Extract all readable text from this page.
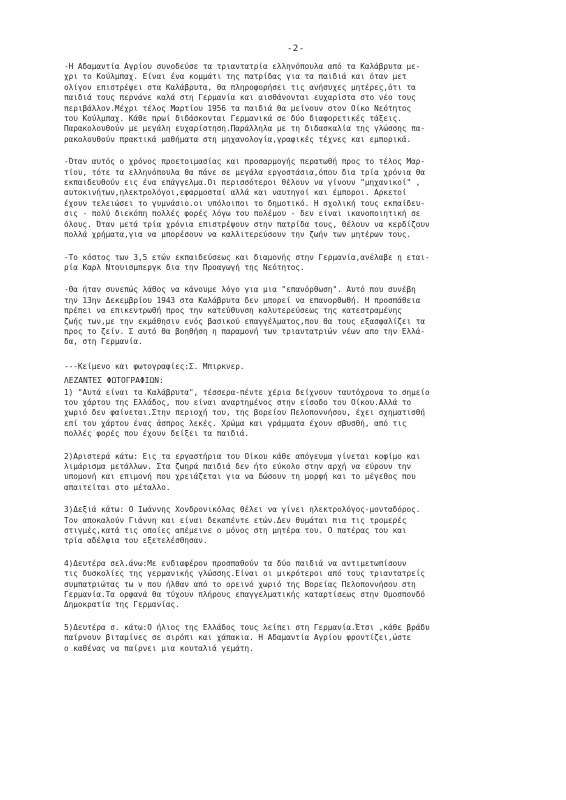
-2-
-Η Αδαμαντία Αγρίου συνοδεύσε τα τριαντατρία ελληνόπουλα από τα Καλάβρυτα με-
χρι το Κούλμπαχ. Είναι ένα κομμάτι της πατρίδας για τα παιδιά και όταν μετ
ολίγον επιστρέψει στα Καλάβρυτα, θα πληροφορήσει τις ανήσυχες μητέρες,ότι τα
παιδιά τους περνάνε καλά στη Γερμανία και αισθάνονται ευχαρίστα στο νέο τους
περιβάλλον.Μέχρι τέλος Μαρτίου 1956 τα παιδιά θα μείνουν στον Οίκο Νεότητος
του Κούλμπαχ. Κάθε πρωί διδάσκονται Γερμανικά σε δύο διαφορετικές τάξεις.
Παρακολουθούν με μεγάλη ευχαρίστηση.Παράλληλα με τη διδασκαλία της γλώσσης πα-
ρακολουθούν πρακτικά μαθήματα στη μηχανολογία,γραφικές τέχνες και εμπορικά.
-Όταν αυτός ο χρόνος προετοιμασίας και προσαρμογής περατωθή προς το τέλος Μαρ-
τίου, τότε τα ελληνόπουλα θα πάνε σε μεγάλα εργοστάσια,όπου δια τρία χρόνια θα
εκπαιδευθούν εις ένα επάγγελμα.Οι περισσότεροι θέλουν να γίνουν "μηχανικοί" ,
αυτοκινήτων,ηλεκτρολόγοι,εφαρμοσταί αλλά και ναυτηγοί και έμποροι. Αρκετοί
έχουν τελειώσει το γυμνάσιο.οι υπόλοιποι το δημοτικό. Η σχολική τους εκπαίδευ-
σις - πολύ διεκόπη πολλές φορές λόγω του πολέμου - δεν είναι ικανοποιητική σε
όλους. Όταν μετά τρία χρόνια επιστρέψουν στην πατρίδα τους, θέλουν να κερδίζουν
πολλά χρήματα,για να μπορέσουν να καλλιτερεύσουν την ζωήν των μητέρων τους.
-Το κόστος των 3,5 ετών εκπαιδεύσεως και διαμονής στην Γερμανία,ανέλαβε η εται-
ρία Καρλ Ντουισμπεργκ δια την Προαγωγή της Νεότητος.
-Θα ήταν συνεπώς λάθος να κάνουμε λόγο για μια "επανόρθωση". Αυτό που συνέβη
την 13ην Δεκεμβρίου 1943 στα Καλάβρυτα δεν μπορεί να επανορθωθή. Η προσπάθεια
πρέπει να επικεντρωθή προς την κατεύθυνση καλυτερεύσεως της κατεστραμένης
ζωής των,με την εκμάθησιν ενός βασικού επαγγέλματος,που θα τους εξασφαλίζει τα
προς το ζείν. Σ αυτό θα βοηθήση η παραμονή των τριαντατριών νέων απο την Ελλά-
δα, στη Γερμανία.
---Κείμενο και φωτογραφίες:Σ. Μπιρκνερ.
ΛΕΖΑΝΤΕΣ ΦΩΤΟΓΡΑΦΙΩΝ:
1) "Αυτά είναι τα Καλάβρυτα", τέσσερα-πέντε χέρια δείχνουν ταυτόχρονα το σημείο
του χάρτου της Ελλάδος, που είναι αναρτημένος στην είσοδο του Οίκου.Αλλά το
χωριό δεν φαίνεται.Στην περιοχή του, της βορείου Πελοποννήσου, έχει σχηματισθή
επί του χάρτου ένας άσπρος λεκές. Χρώμα και γράμματα έχουν σβυσθή, από τις
πολλές φορές που έχουν δείξει τα παιδιά.
2)Αριστερά κάτω: Εις τα εργαστήρια του Οίκου κάθε απόγευμα γίνεται κοφίμο και
λιμάρισμα μετάλλων. Στα ζωηρά παιδιά δεν ήτο εύκολο στην αρχή να εύρουν την
υπομονή και επιμονή που χρειάζεται για να δώσουν τη μορφή και το μέγεθος που
απαιτείται στο μέταλλο.
3)Δεξιά κάτω: Ο Ιωάννης Χονδρονικόλας θέλει να γίνει ηλεκτρολόγος-μονταδόρος.
Τον αποκαλούν Γιάννη και είναι δεκαπέντε ετών.Δεν θυμάται πια τις τρομερές
στιγμές,κατά τις οποίες απέμεινε ο μόνος στη μητέρα του. Ο πατέρας του και
τρία αδέλφια του εξετελέσθησαν.
4)Δευτέρα σελ.άνω:Με ενδιαφέρον προσπαθούν τα δύο παιδιά να αντιμετωπίσουν
τις δυσκολίες της γερμανικής γλώσσης.Είναι οι μικρότεροι από τους τριαντατρείς
συμπατριώτας τω ν που ήλθαν από το ορεινό χωριό της Βορείας Πελοποννήσου στη
Γερμανία.Τα ορφανά θα τύχουν πλήρους επαγγελματικής καταρτίσεως στην Ομοσπονδό
Δημοκρατία της Γερμανίας.
5)Δευτέρα σ. κάτω:Ο ήλιος της Ελλάδος τους λείπει στη Γερμανία.Έτσι ,κάθε βράδυ
παίρνουν βιταμίνες σε σιρόπι και χάπακια. Η Αδαμαντία Αγρίου φροντίζει,ώστε
ο καθένας να παίρνει μια κουταλιά γεμάτη.
